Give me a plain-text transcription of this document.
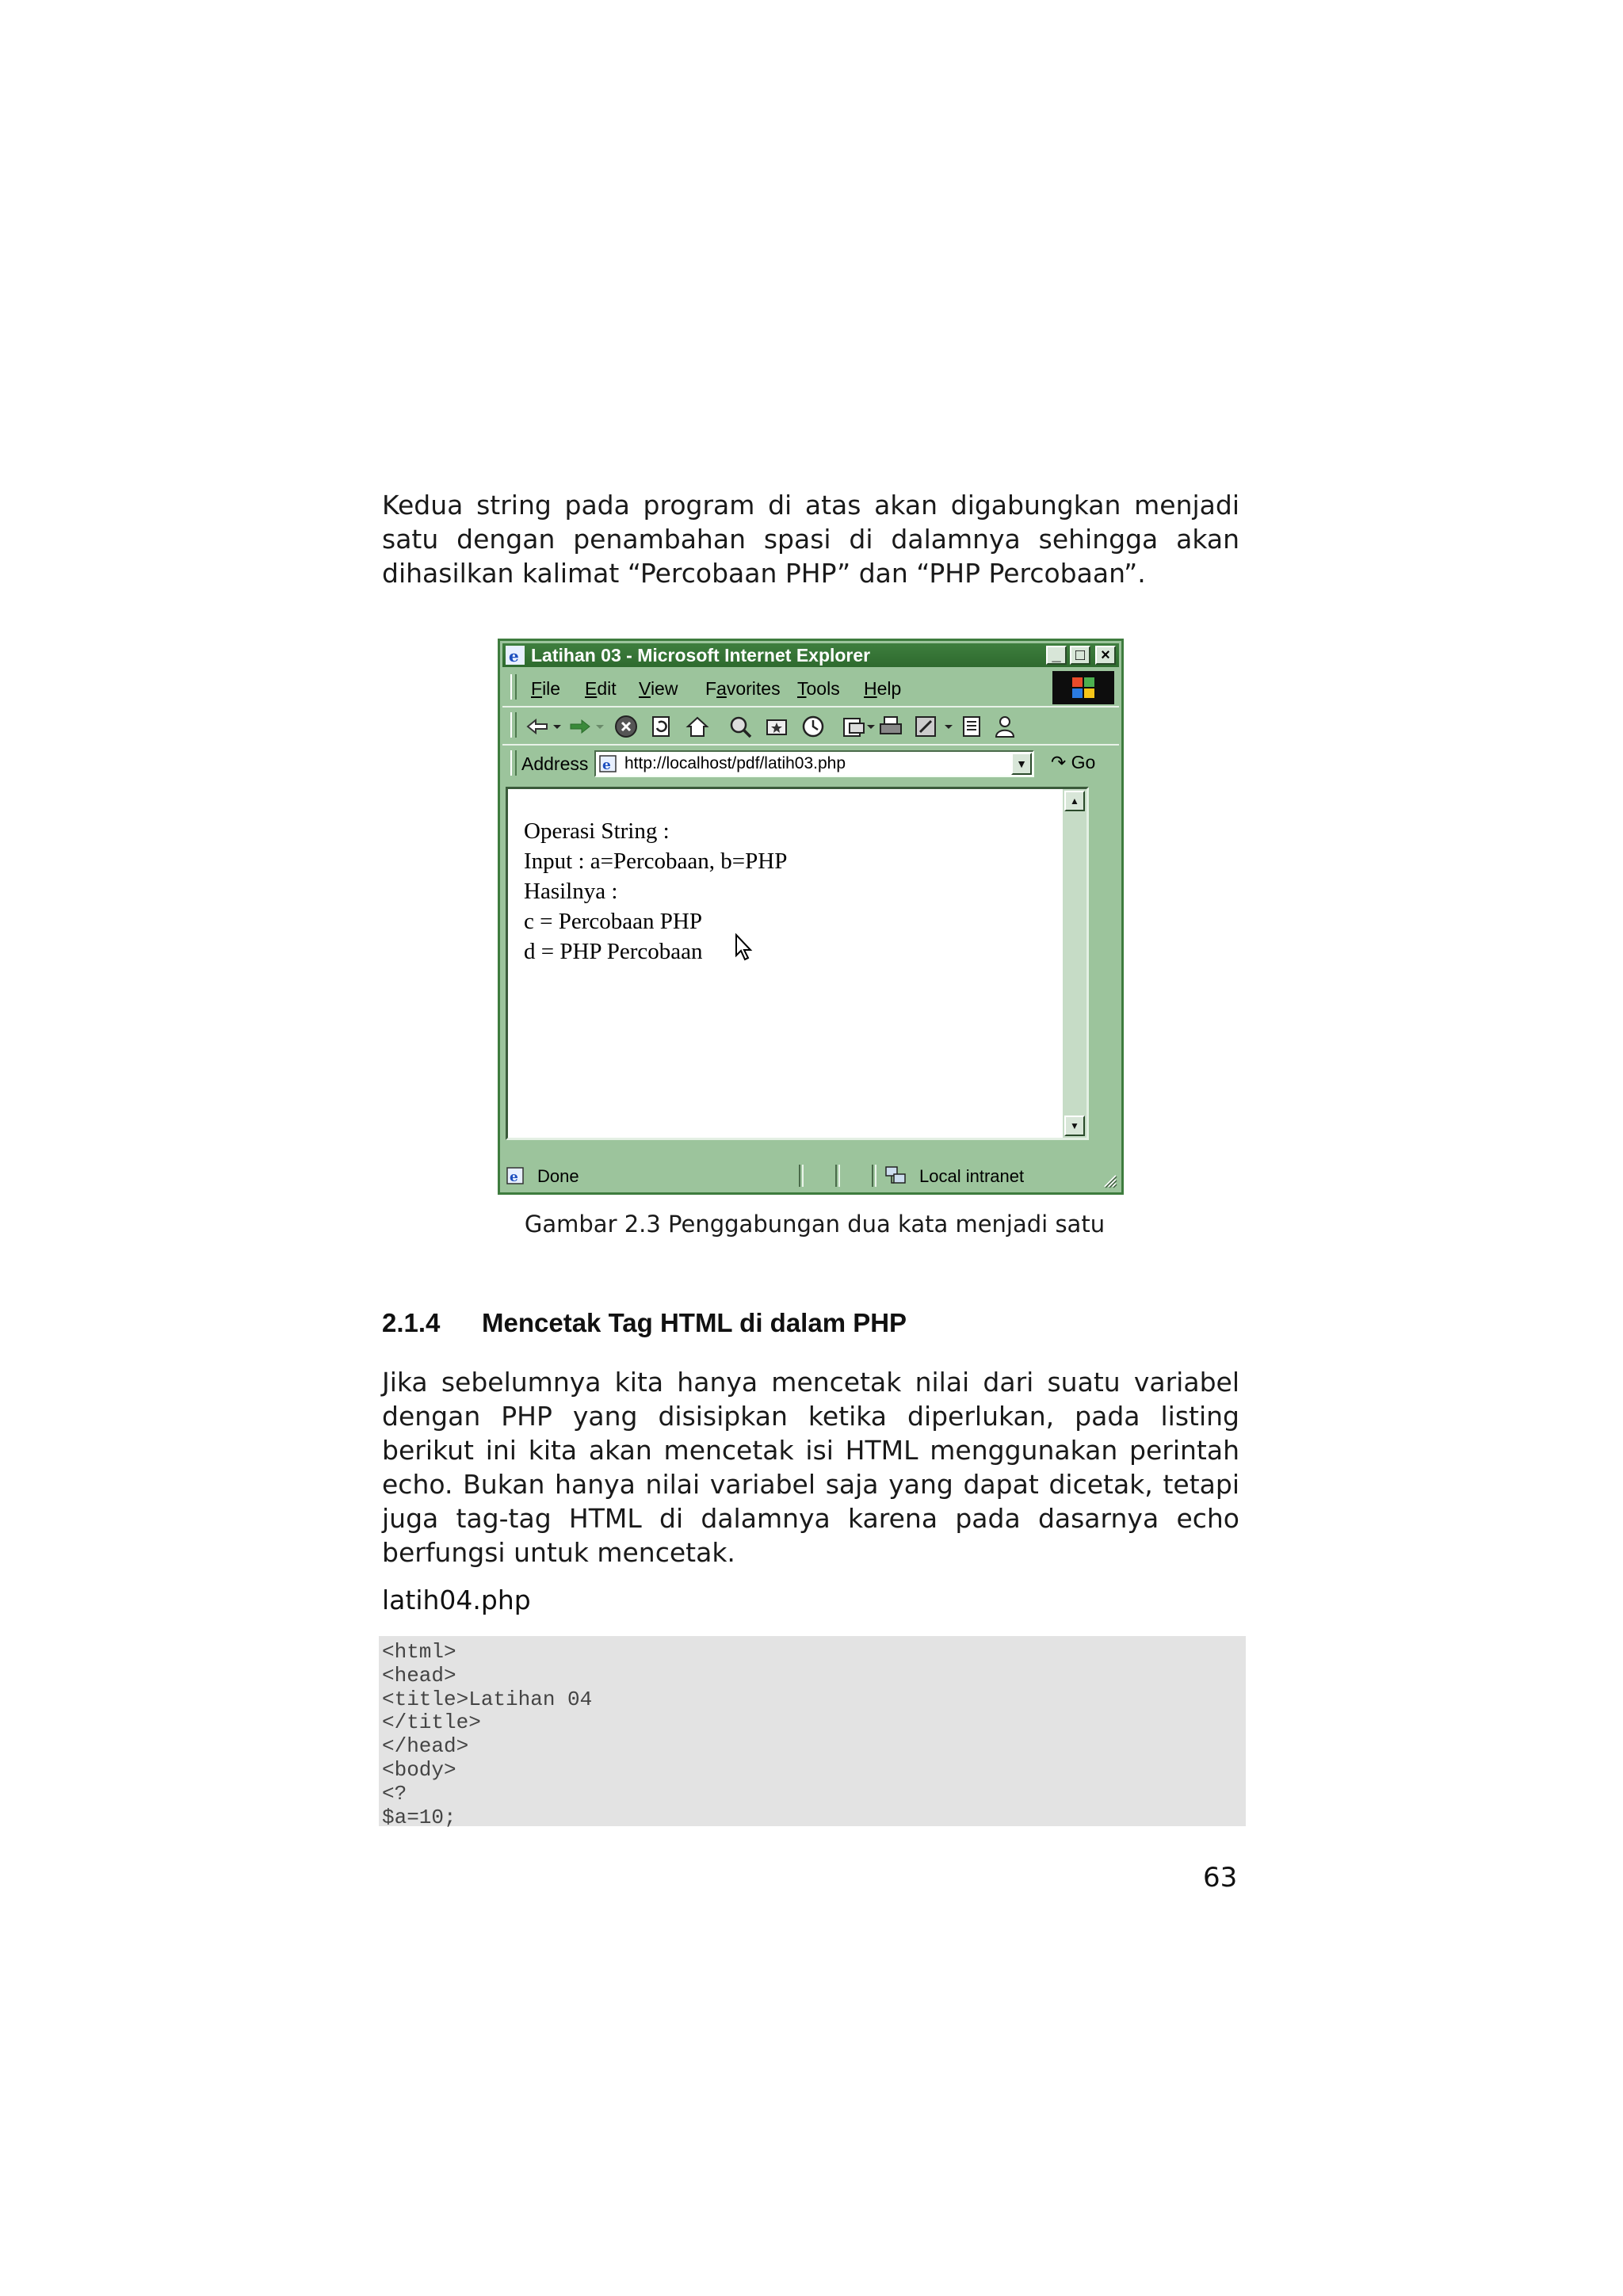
Kedua string pada program di atas akan digabungkan menjadi satu dengan penambahan spasi di dalamnya sehingga akan dihasilkan kalimat “Percobaan PHP” dan “PHP Percobaan”.

e Latihan 03 - Microsoft Internet Explorer	_ □	×
File Edit View Favorites Tools Help
Address e
http://localhost/pdf/latih03.php	▼ ↷ Go
Operasi String :
Input : a=Percobaan, b=PHP
Hasilnya :
c = Percobaan PHP
d = PHP Percobaan
▲
▼
e Done	Local intranet
Gambar 2.3 Penggabungan dua kata menjadi satu
2.1.4 Mencetak Tag HTML di dalam PHP

Jika sebelumnya kita hanya mencetak nilai dari suatu variabel dengan PHP yang disisipkan ketika diperlukan, pada listing berikut ini kita akan mencetak isi HTML menggunakan perintah echo. Bukan hanya nilai variabel saja yang dapat dicetak, tetapi juga tag-tag HTML di dalamnya karena pada dasarnya echo berfungsi untuk mencetak.

latih04.php
<html>
<head>
<title>Latihan 04
</title>
</head>
<body>
<?
$a=10;
63
